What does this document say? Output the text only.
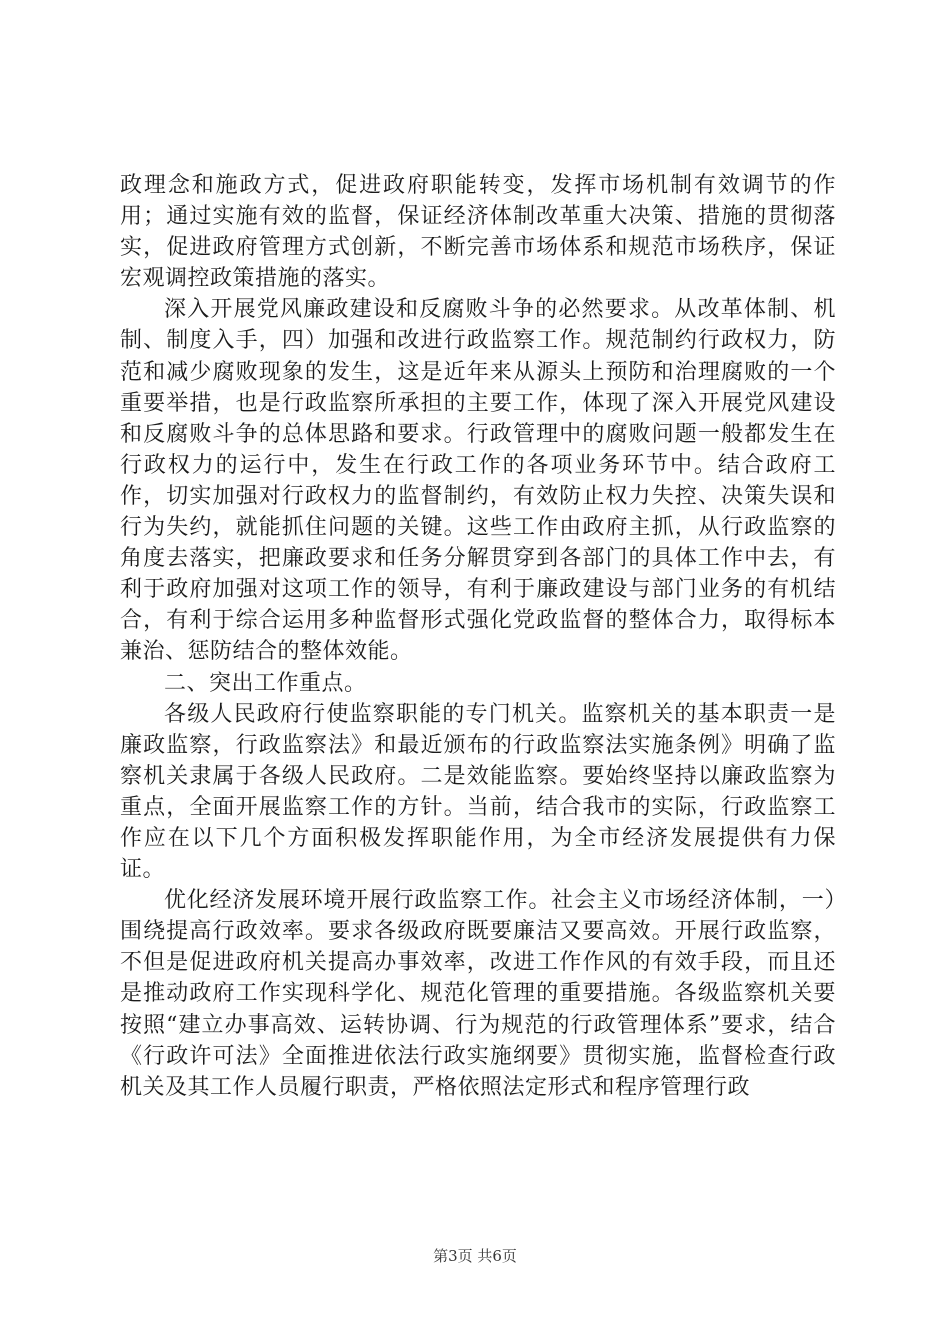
政理念和施政方式，促进政府职能转变，发挥市场机制有效调节的作用；通过实施有效的监督，保证经济体制改革重大决策、措施的贯彻落实，促进政府管理方式创新，不断完善市场体系和规范市场秩序，保证宏观调控政策措施的落实。

深入开展党风廉政建设和反腐败斗争的必然要求。从改革体制、机制、制度入手，四）加强和改进行政监察工作。规范制约行政权力，防范和减少腐败现象的发生，这是近年来从源头上预防和治理腐败的一个重要举措，也是行政监察所承担的主要工作，体现了深入开展党风建设和反腐败斗争的总体思路和要求。行政管理中的腐败问题一般都发生在行政权力的运行中，发生在行政工作的各项业务环节中。结合政府工作，切实加强对行政权力的监督制约，有效防止权力失控、决策失误和行为失约，就能抓住问题的关键。这些工作由政府主抓，从行政监察的角度去落实，把廉政要求和任务分解贯穿到各部门的具体工作中去，有利于政府加强对这项工作的领导，有利于廉政建设与部门业务的有机结合，有利于综合运用多种监督形式强化党政监督的整体合力，取得标本兼治、惩防结合的整体效能。

二、突出工作重点。

各级人民政府行使监察职能的专门机关。监察机关的基本职责一是廉政监察，行政监察法》和最近颁布的行政监察法实施条例》明确了监察机关隶属于各级人民政府。二是效能监察。要始终坚持以廉政监察为重点，全面开展监察工作的方针。当前，结合我市的实际，行政监察工作应在以下几个方面积极发挥职能作用，为全市经济发展提供有力保证。

优化经济发展环境开展行政监察工作。社会主义市场经济体制，一）围绕提高行政效率。要求各级政府既要廉洁又要高效。开展行政监察，不但是促进政府机关提高办事效率，改进工作作风的有效手段，而且还是推动政府工作实现科学化、规范化管理的重要措施。各级监察机关要按照“建立办事高效、运转协调、行为规范的行政管理体系”要求，结合《行政许可法》全面推进依法行政实施纲要》贯彻实施，监督检查行政机关及其工作人员履行职责，严格依照法定形式和程序管理行政

第3页 共6页
